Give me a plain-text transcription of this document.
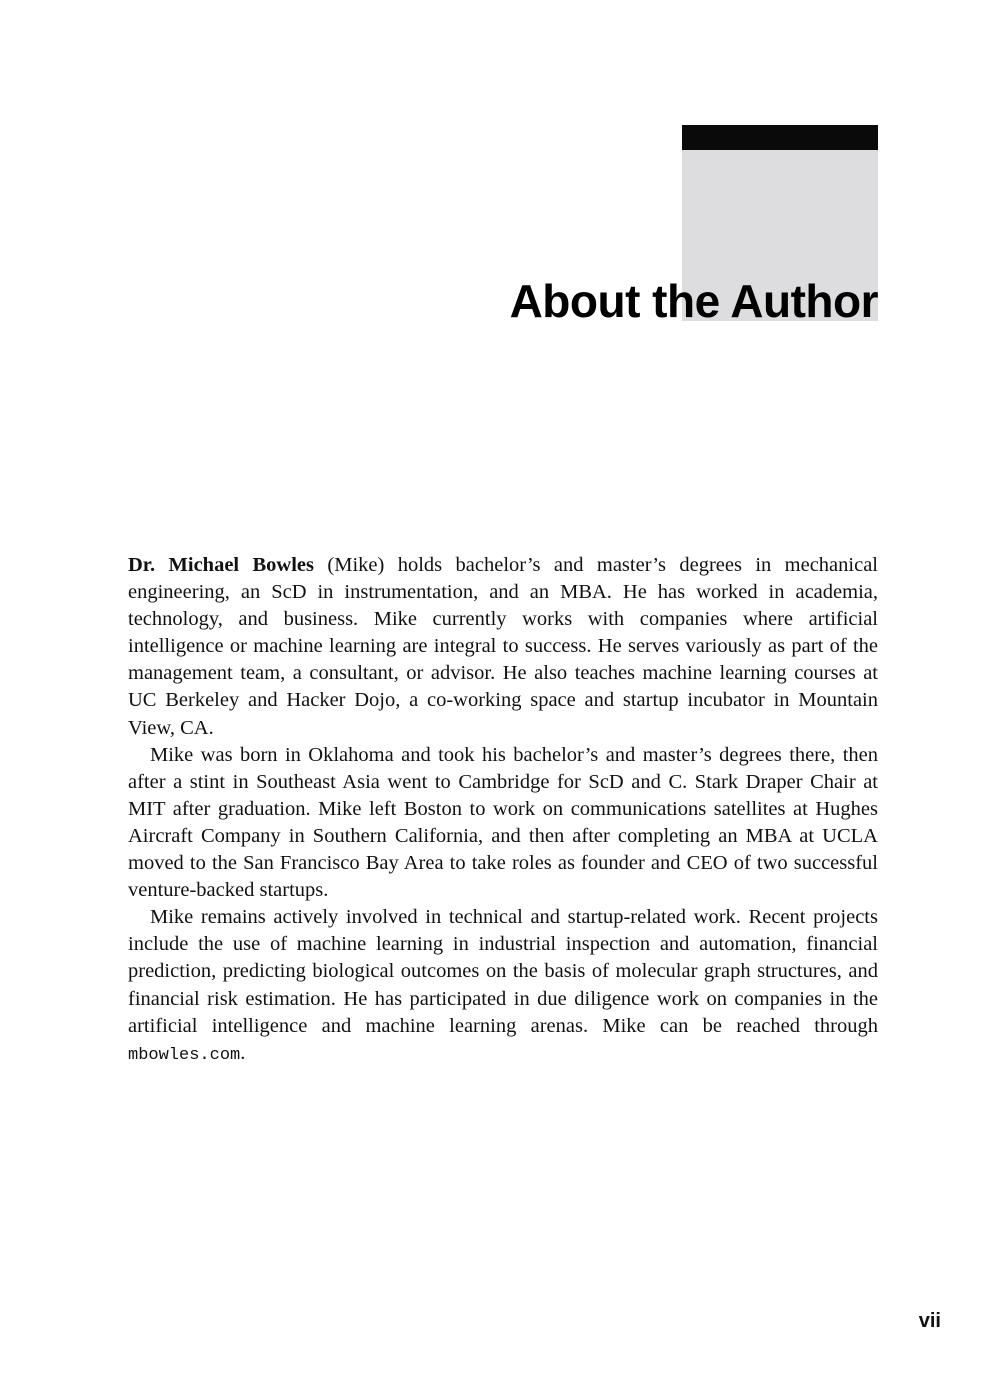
About the Author

Dr. Michael Bowles (Mike) holds bachelor’s and master’s degrees in mechanical engineering, an ScD in instrumentation, and an MBA. He has worked in academia, technology, and business. Mike currently works with companies where artificial intelligence or machine learning are integral to success. He serves variously as part of the management team, a consultant, or advisor. He also teaches machine learning courses at UC Berkeley and Hacker Dojo, a co-working space and startup incubator in Mountain View, CA.

Mike was born in Oklahoma and took his bachelor’s and master’s degrees there, then after a stint in Southeast Asia went to Cambridge for ScD and C. Stark Draper Chair at MIT after graduation. Mike left Boston to work on communications satellites at Hughes Aircraft Company in Southern California, and then after completing an MBA at UCLA moved to the San Francisco Bay Area to take roles as founder and CEO of two successful venture-backed startups.

Mike remains actively involved in technical and startup-related work. Recent projects include the use of machine learning in industrial inspection and automation, financial prediction, predicting biological outcomes on the basis of molecular graph structures, and financial risk estimation. He has participated in due diligence work on companies in the artificial intelligence and machine learning arenas. Mike can be reached through mbowles.com.

vii
